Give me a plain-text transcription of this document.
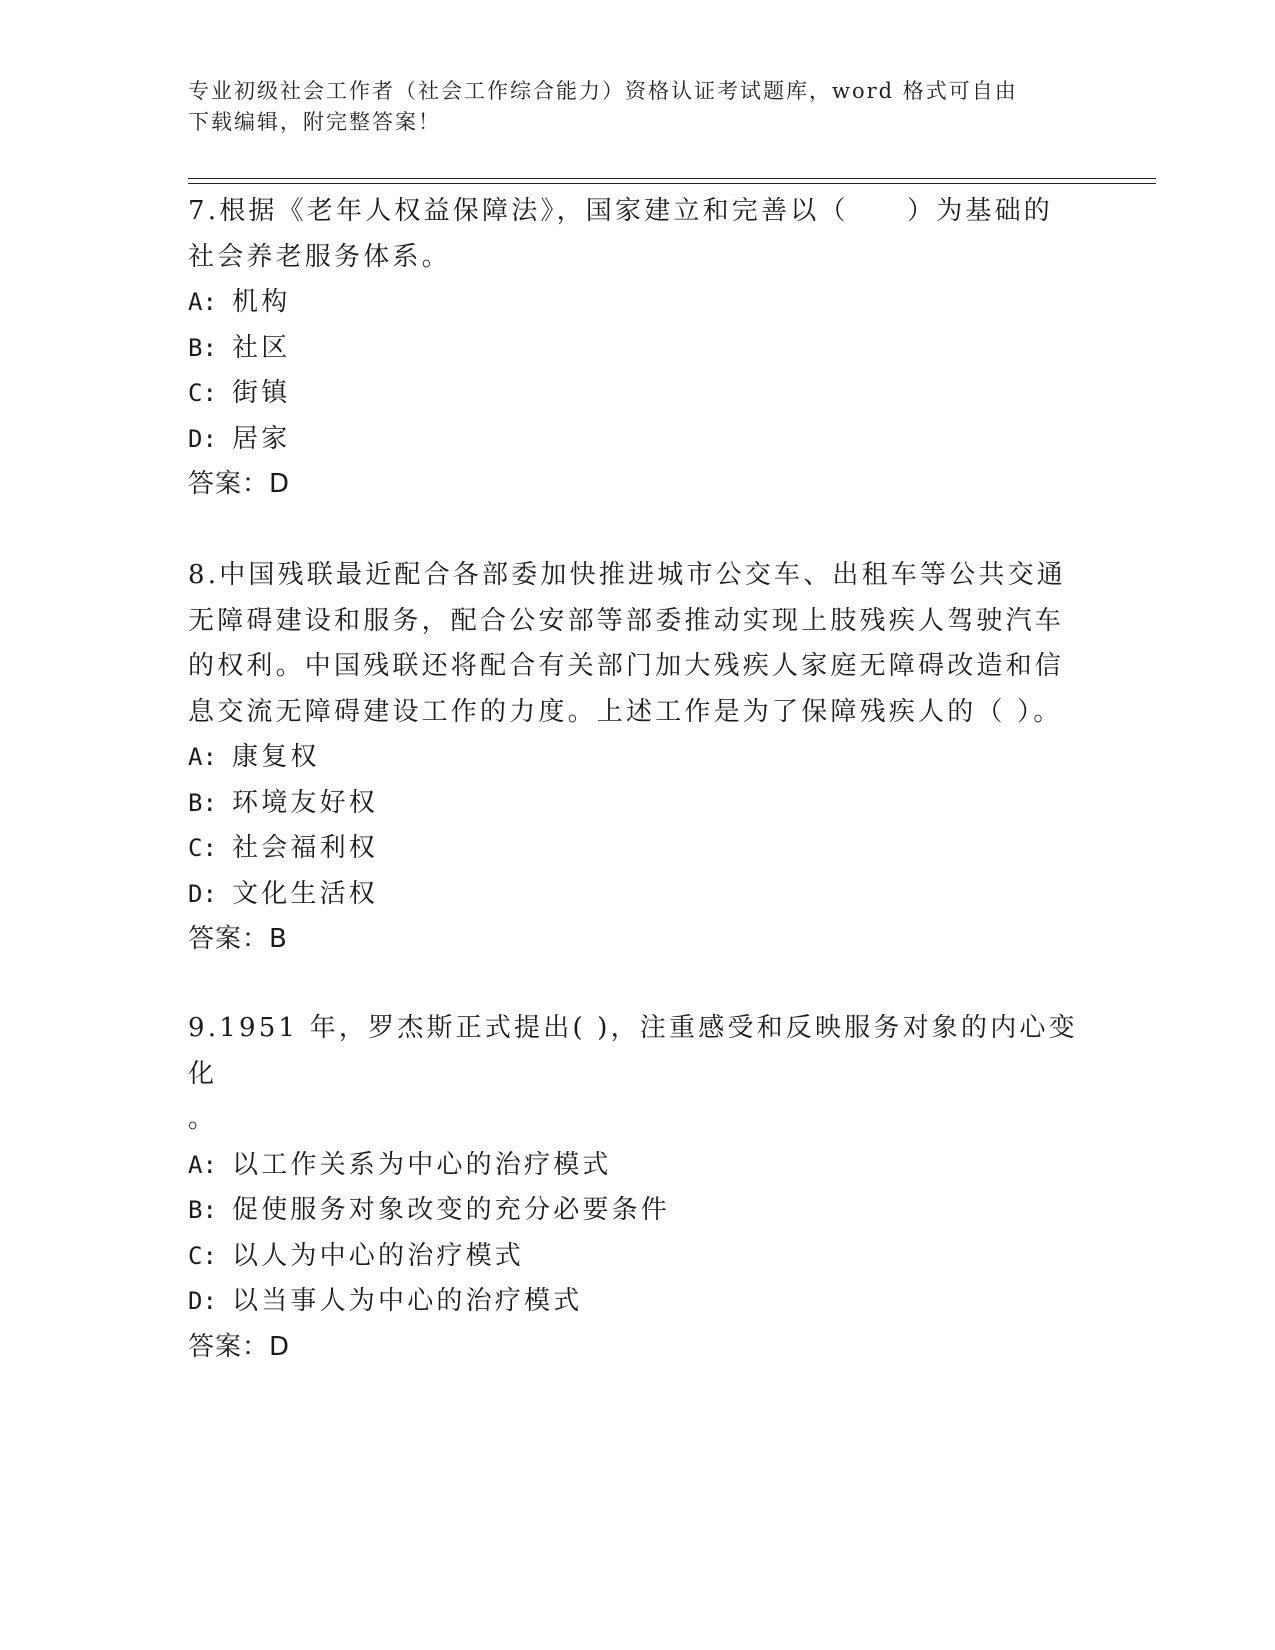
专业初级社会工作者（社会工作综合能力）资格认证考试题库，word 格式可自由
下载编辑，附完整答案！

7.根据《老年人权益保障法》，国家建立和完善以（　　）为基础的

社会养老服务体系。

A: 机构

B: 社区

C: 街镇

D: 居家

答案：D

8.中国残联最近配合各部委加快推进城市公交车、出租车等公共交通

无障碍建设和服务，配合公安部等部委推动实现上肢残疾人驾驶汽车

的权利。中国残联还将配合有关部门加大残疾人家庭无障碍改造和信

息交流无障碍建设工作的力度。上述工作是为了保障残疾人的（ ）。

A: 康复权

B: 环境友好权

C: 社会福利权

D: 文化生活权

答案：B

9.1951 年，罗杰斯正式提出( )，注重感受和反映服务对象的内心变化

。

A: 以工作关系为中心的治疗模式

B: 促使服务对象改变的充分必要条件

C: 以人为中心的治疗模式

D: 以当事人为中心的治疗模式

答案：D
